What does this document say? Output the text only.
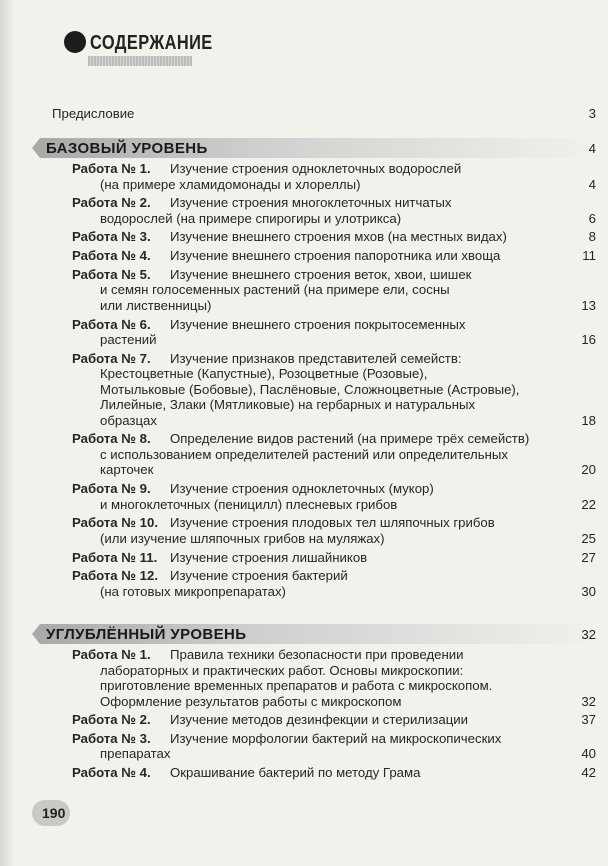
СОДЕРЖАНИЕ
Предисловие	3
БАЗОВЫЙ УРОВЕНЬ	4
Работа № 1. Изучение строения одноклеточных водорослей
(на примере хламидомонады и хлореллы)	4
Работа № 2. Изучение строения многоклеточных нитчатых
водорослей (на примере спирогиры и улотрикса)	6
Работа № 3. Изучение внешнего строения мхов (на местных видах)	8
Работа № 4. Изучение внешнего строения папоротника или хвоща	11
Работа № 5. Изучение внешнего строения веток, хвои, шишек
и семян голосеменных растений (на примере ели, сосны
или лиственницы)	13
Работа № 6. Изучение внешнего строения покрытосеменных
растений	16
Работа № 7. Изучение признаков представителей семейств:
Крестоцветные (Капустные), Розоцветные (Розовые),
Мотыльковые (Бобовые), Паслёновые, Сложноцветные (Астровые),
Лилейные, Злаки (Мятликовые) на гербарных и натуральных
образцах	18
Работа № 8. Определение видов растений (на примере трёх семейств)
с использованием определителей растений или определительных
карточек	20
Работа № 9. Изучение строения одноклеточных (мукор)
и многоклеточных (пеницилл) плесневых грибов	22
Работа № 10. Изучение строения плодовых тел шляпочных грибов
(или изучение шляпочных грибов на муляжах)	25
Работа № 11. Изучение строения лишайников	27
Работа № 12. Изучение строения бактерий
(на готовых микропрепаратах)	30
УГЛУБЛЁННЫЙ УРОВЕНЬ	32
Работа № 1. Правила техники безопасности при проведении
лабораторных и практических работ. Основы микроскопии:
приготовление временных препаратов и работа с микроскопом.
Оформление результатов работы с микроскопом	32
Работа № 2. Изучение методов дезинфекции и стерилизации	37
Работа № 3. Изучение морфологии бактерий на микроскопических
препаратах	40
Работа № 4. Окрашивание бактерий по методу Грама	42
190
